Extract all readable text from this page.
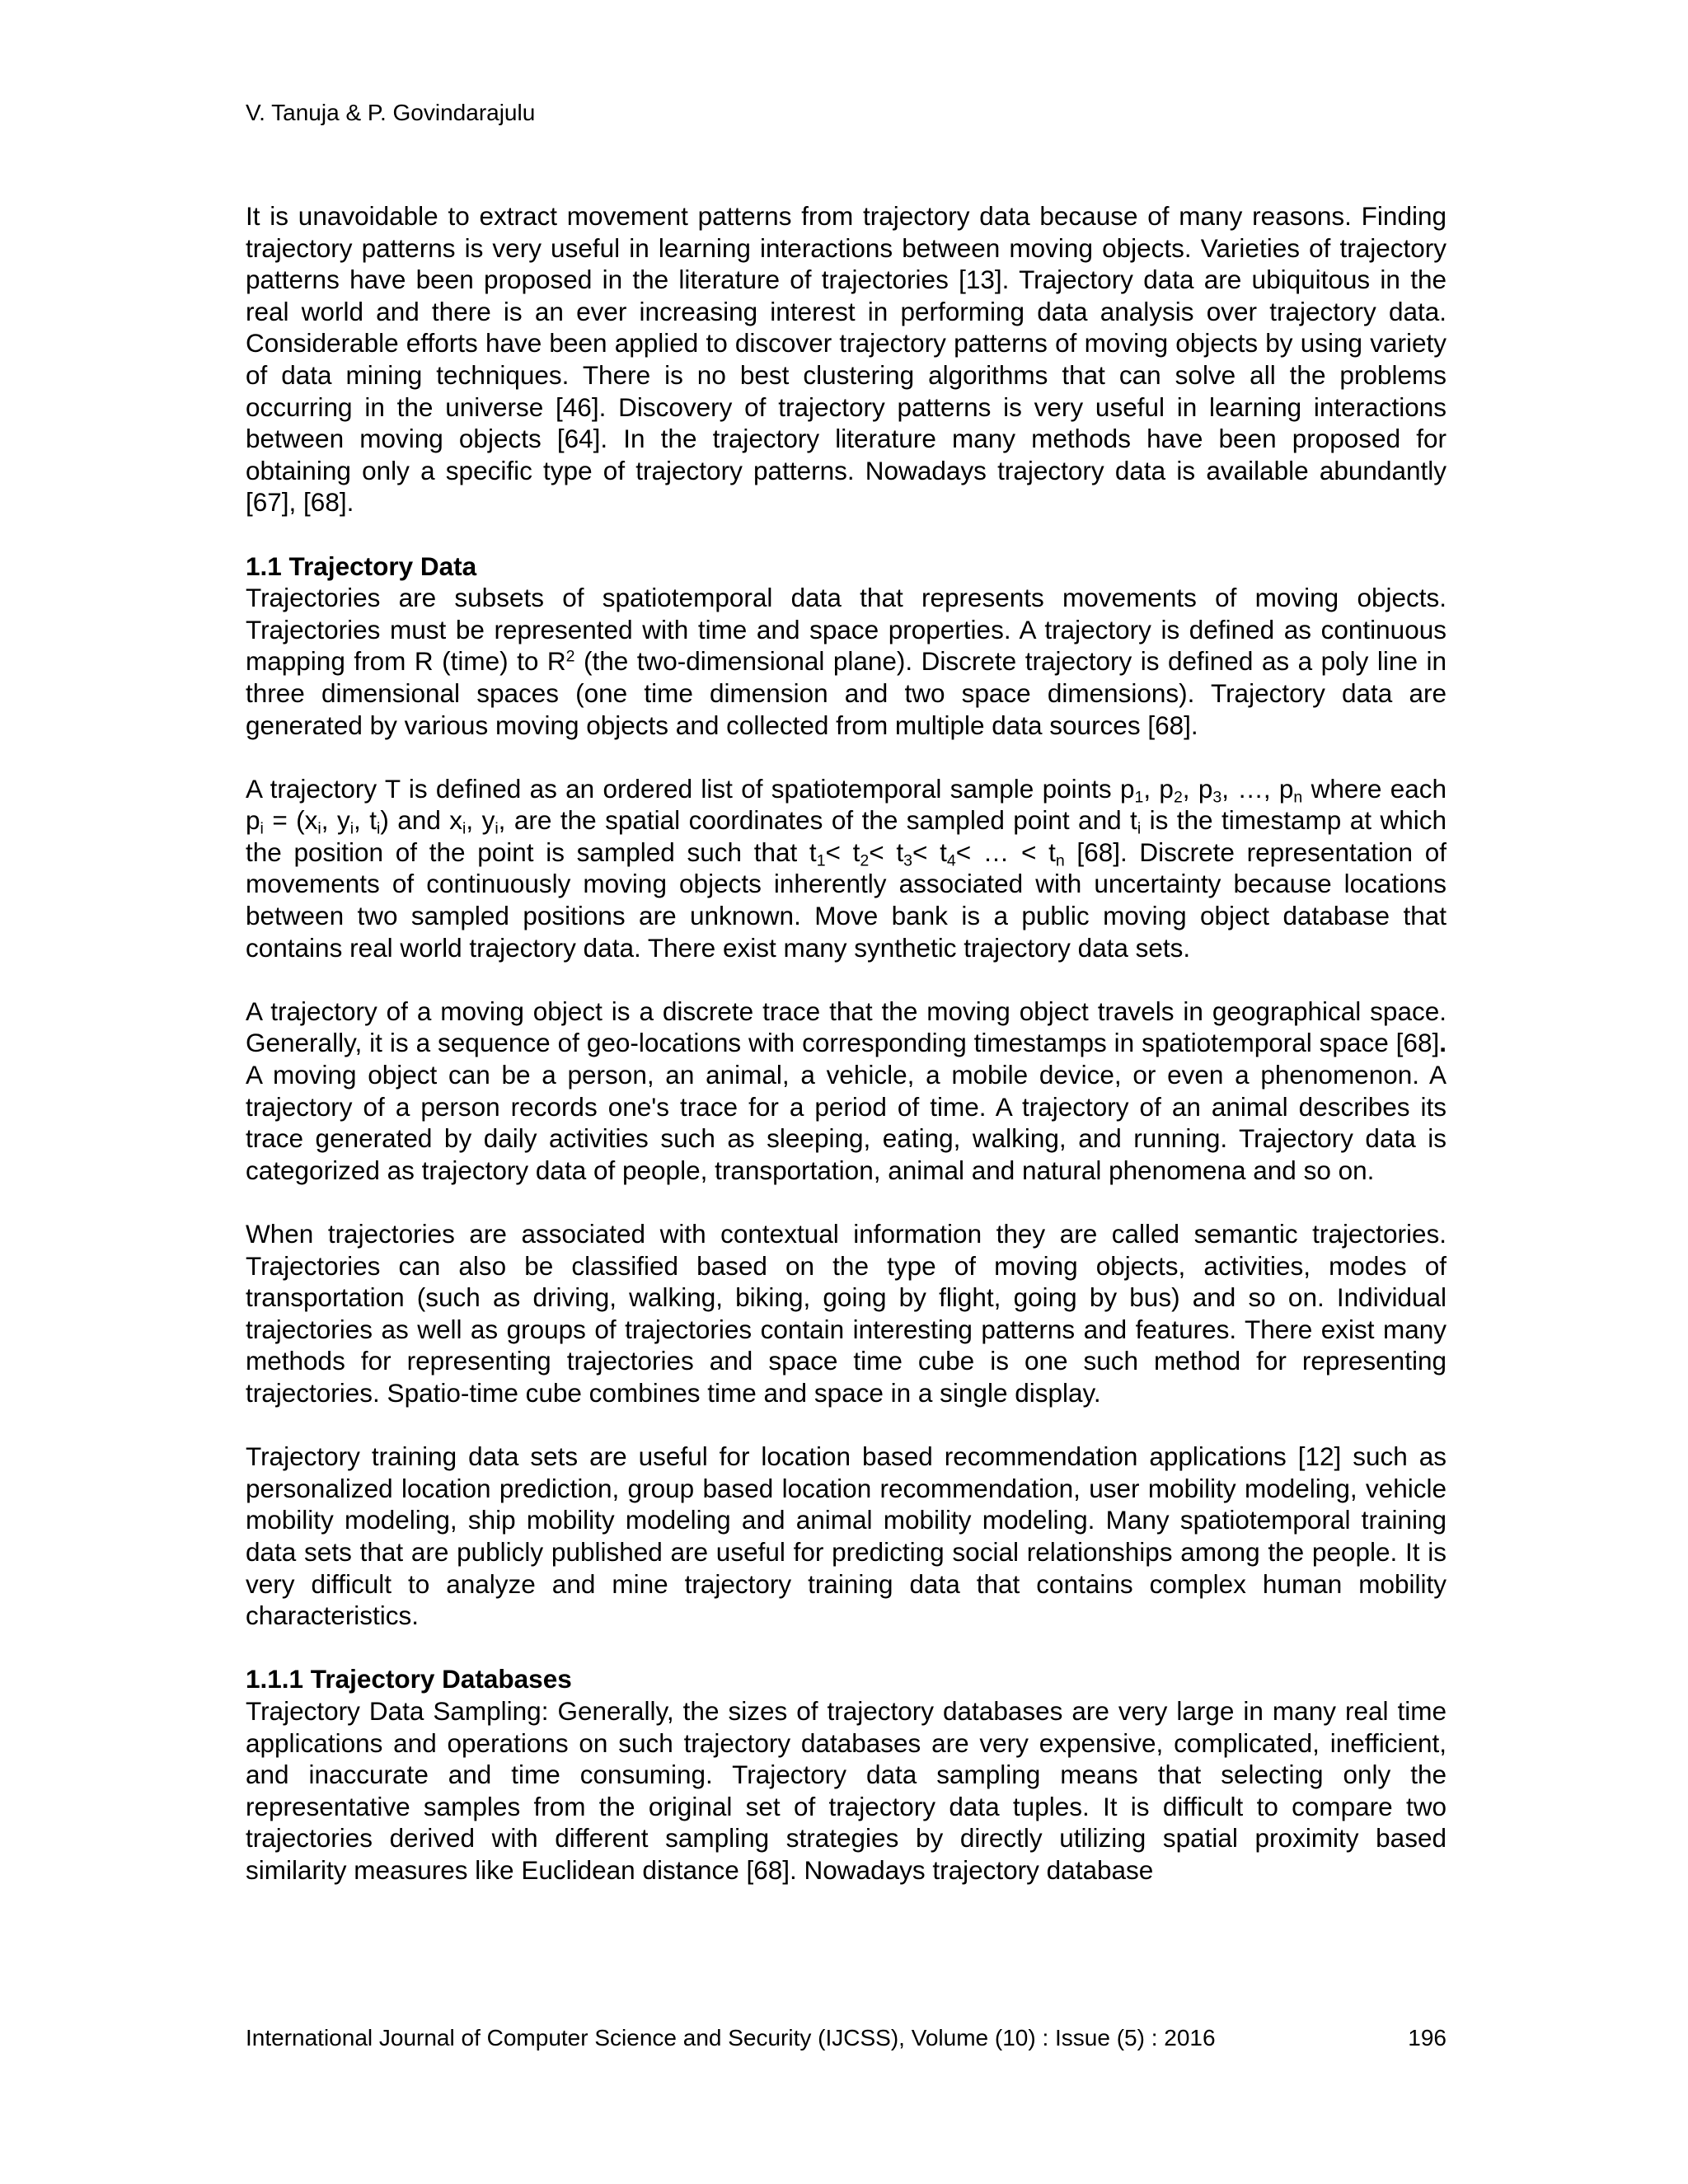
V. Tanuja & P. Govindarajulu

It is unavoidable to extract movement patterns from trajectory data because of many reasons. Finding trajectory patterns is very useful in learning interactions between moving objects. Varieties of trajectory patterns have been proposed in the literature of trajectories [13]. Trajectory data are ubiquitous in the real world and there is an ever increasing interest in performing data analysis over trajectory data. Considerable efforts have been applied to discover trajectory patterns of moving objects by using variety of data mining techniques. There is no best clustering algorithms that can solve all the problems occurring in the universe [46]. Discovery of trajectory patterns is very useful in learning interactions between moving objects [64]. In the trajectory literature many methods have been proposed for obtaining only a specific type of trajectory patterns. Nowadays trajectory data is available abundantly [67], [68].

1.1 Trajectory Data

Trajectories are subsets of spatiotemporal data that represents movements of moving objects. Trajectories must be represented with time and space properties. A trajectory is defined as continuous mapping from R (time) to $R^2$ (the two-dimensional plane). Discrete trajectory is defined as a poly line in three dimensional spaces (one time dimension and two space dimensions). Trajectory data are generated by various moving objects and collected from multiple data sources [68].

A trajectory T is defined as an ordered list of spatiotemporal sample points $p_1$, $p_2$, $p_3$, …, $p_n$ where each $p_i = (x_i$, $y_i$, $t_i$) and $x_i$, $y_i$, are the spatial coordinates of the sampled point and $t_i$ is the timestamp at which the position of the point is sampled such that $t_1< t_2< t_3< t_4<$ … < $t_n$ [68]. Discrete representation of movements of continuously moving objects inherently associated with uncertainty because locations between two sampled positions are unknown. Move bank is a public moving object database that contains real world trajectory data. There exist many synthetic trajectory data sets.

A trajectory of a moving object is a discrete trace that the moving object travels in geographical space. Generally, it is a sequence of geo-locations with corresponding timestamps in spatiotemporal space [68]. A moving object can be a person, an animal, a vehicle, a mobile device, or even a phenomenon. A trajectory of a person records one's trace for a period of time. A trajectory of an animal describes its trace generated by daily activities such as sleeping, eating, walking, and running. Trajectory data is categorized as trajectory data of people, transportation, animal and natural phenomena and so on.

When trajectories are associated with contextual information they are called semantic trajectories. Trajectories can also be classified based on the type of moving objects, activities, modes of transportation (such as driving, walking, biking, going by flight, going by bus) and so on. Individual trajectories as well as groups of trajectories contain interesting patterns and features. There exist many methods for representing trajectories and space time cube is one such method for representing trajectories. Spatio-time cube combines time and space in a single display.

Trajectory training data sets are useful for location based recommendation applications [12] such as personalized location prediction, group based location recommendation, user mobility modeling, vehicle mobility modeling, ship mobility modeling and animal mobility modeling. Many spatiotemporal training data sets that are publicly published are useful for predicting social relationships among the people. It is very difficult to analyze and mine trajectory training data that contains complex human mobility characteristics.

1.1.1 Trajectory Databases

Trajectory Data Sampling: Generally, the sizes of trajectory databases are very large in many real time applications and operations on such trajectory databases are very expensive, complicated, inefficient, and inaccurate and time consuming. Trajectory data sampling means that selecting only the representative samples from the original set of trajectory data tuples. It is difficult to compare two trajectories derived with different sampling strategies by directly utilizing spatial proximity based similarity measures like Euclidean distance [68]. Nowadays trajectory database

International Journal of Computer Science and Security (IJCSS), Volume (10) : Issue (5) : 2016	196
